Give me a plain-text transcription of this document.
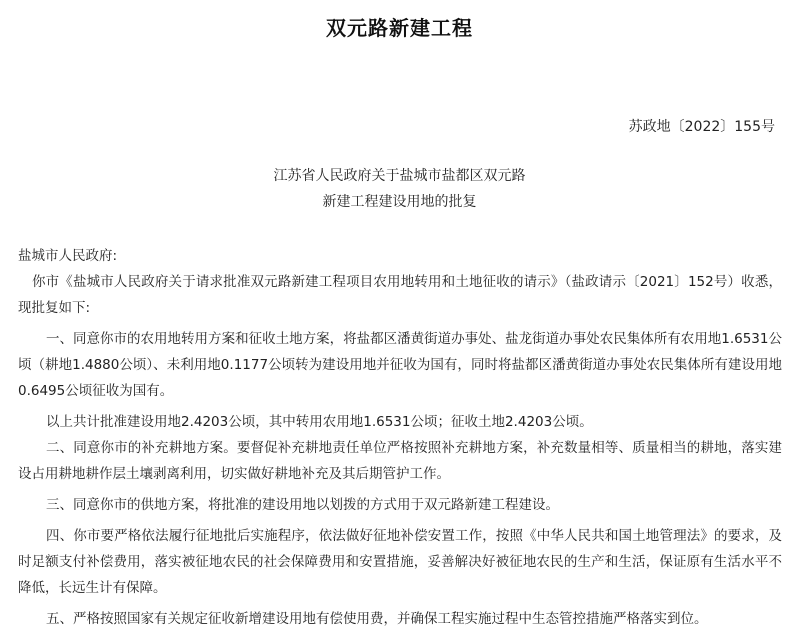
双元路新建工程
苏政地〔2022〕155号
江苏省人民政府关于盐城市盐都区双元路
新建工程建设用地的批复

盐城市人民政府:

你市《盐城市人民政府关于请求批准双元路新建工程项目农用地转用和土地征收的请示》（盐政请示〔2021〕152号）收悉，现批复如下:

一、同意你市的农用地转用方案和征收土地方案，将盐都区潘黄街道办事处、盐龙街道办事处农民集体所有农用地1.6531公顷（耕地1.4880公顷）、未利用地0.1177公顷转为建设用地并征收为国有，同时将盐都区潘黄街道办事处农民集体所有建设用地0.6495公顷征收为国有。

以上共计批准建设用地2.4203公顷，其中转用农用地1.6531公顷；征收土地2.4203公顷。

二、同意你市的补充耕地方案。要督促补充耕地责任单位严格按照补充耕地方案，补充数量相等、质量相当的耕地，落实建设占用耕地耕作层土壤剥离利用，切实做好耕地补充及其后期管护工作。

三、同意你市的供地方案，将批准的建设用地以划拨的方式用于双元路新建工程建设。

四、你市要严格依法履行征地批后实施程序，依法做好征地补偿安置工作，按照《中华人民共和国土地管理法》的要求，及时足额支付补偿费用，落实被征地农民的社会保障费用和安置措施，妥善解决好被征地农民的生产和生活，保证原有生活水平不降低，长远生计有保障。

五、严格按照国家有关规定征收新增建设用地有偿使用费，并确保工程实施过程中生态管控措施严格落实到位。
